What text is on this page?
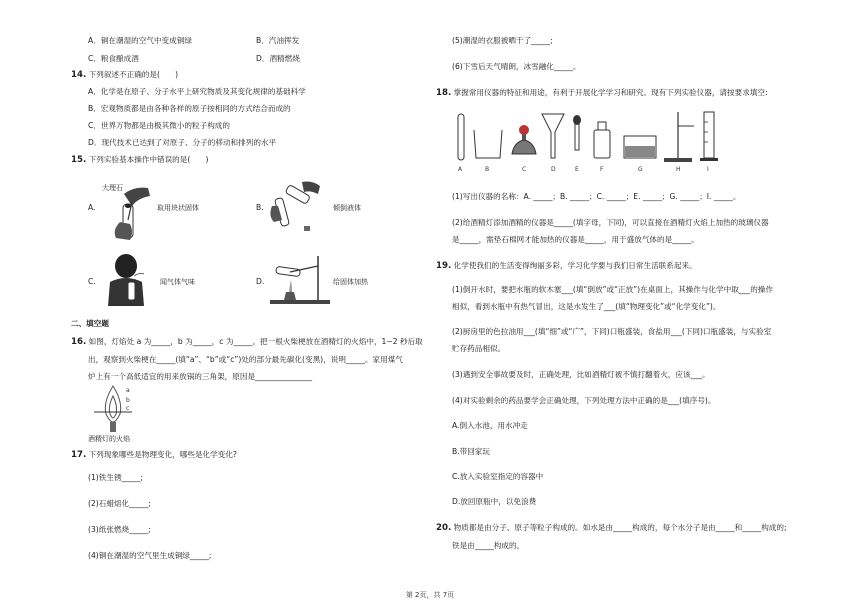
A．铜在潮湿的空气中变成铜绿	B．汽油挥发
C．粮食酿成酒	D．酒精燃烧
14. 下列叙述不正确的是(　　)
A．化学是在原子、分子水平上研究物质及其变化规律的基础科学
B．宏观物质都是由各种各样的原子按相同的方式结合而成的
C．世界万物都是由极其微小的粒子构成的
D．现代技术已达到了对原子、分子的移动和排列的水平
15. 下列实验基本操作中错误的是(　　)
A.
大理石
取用块状固体	B.	倾倒液体
C.	闻气体气味	D.	给固体加热
二、填空题
16. 如图，灯焰处 a 为_____，b 为_____，c 为_____。把一根火柴梗放在酒精灯的火焰中，1∼2 秒后取
出，观察到火柴梗在_____(填“a”、“b”或“c”)处的部分最先碳化(变黑)，说明_____。家用煤气
炉上有一个高低适宜的用来放锅的三角架，原因是_______________
a
b
c
酒精灯的火焰
17. 下列现象哪些是物理变化，哪些是化学变化?
(1)铁生锈_____;
(2)石蜡熔化_____;
(3)纸张燃烧_____;
(4)铜在潮湿的空气里生成铜绿_____;
(5)潮湿的衣服被晒干了_____;
(6)下雪后天气晴朗，冰雪融化_____。
18. 掌握常用仪器的特征和用途，有利于开展化学学习和研究。现有下列实验仪器，请按要求填空:
A	B	C	D	E	F	G	H	I
(1)写出仪器的名称：A. _____；B. _____；C. _____；E. _____；G. _____；I. _____。
(2)给酒精灯添加酒精的仪器是_____(填字母，下同)，可以直接在酒精灯火焰上加热的玻璃仪器
是_____，需垫石棉网才能加热的仪器是_____，用于盛放气体的是_____。
19. 化学使我们的生活变得绚丽多彩，学习化学要与我们日常生活联系起来。
(1)倒开水时，要把水瓶的软木塞___(填“倒放”或“正放”)在桌面上，其操作与化学中取___的操作
相似，看到水瓶中有热气冒出，这是水发生了___(填“物理变化”或“化学变化”)。
(2)厨房里的色拉油用___(填“细”或“广”，下同)口瓶盛装，食盐用___(下同)口瓶盛装，与实验室
贮存药品相似。
(3)遇到安全事故要及时，正确处理，比如酒精灯被不慎打翻着火，应该___。
(4)对实验剩余的药品要学会正确处理，下列处理方法中正确的是___(填序号)。
A.倒入水池，用水冲走
B.带回家玩
C.放入实验室指定的容器中
D.放回原瓶中，以免浪费
20. 物质都是由分子、原子等粒子构成的。如水是由_____构成的，每个水分子是由_____和_____构成的;
铁是由_____构成的。
第 2页，共 7页
